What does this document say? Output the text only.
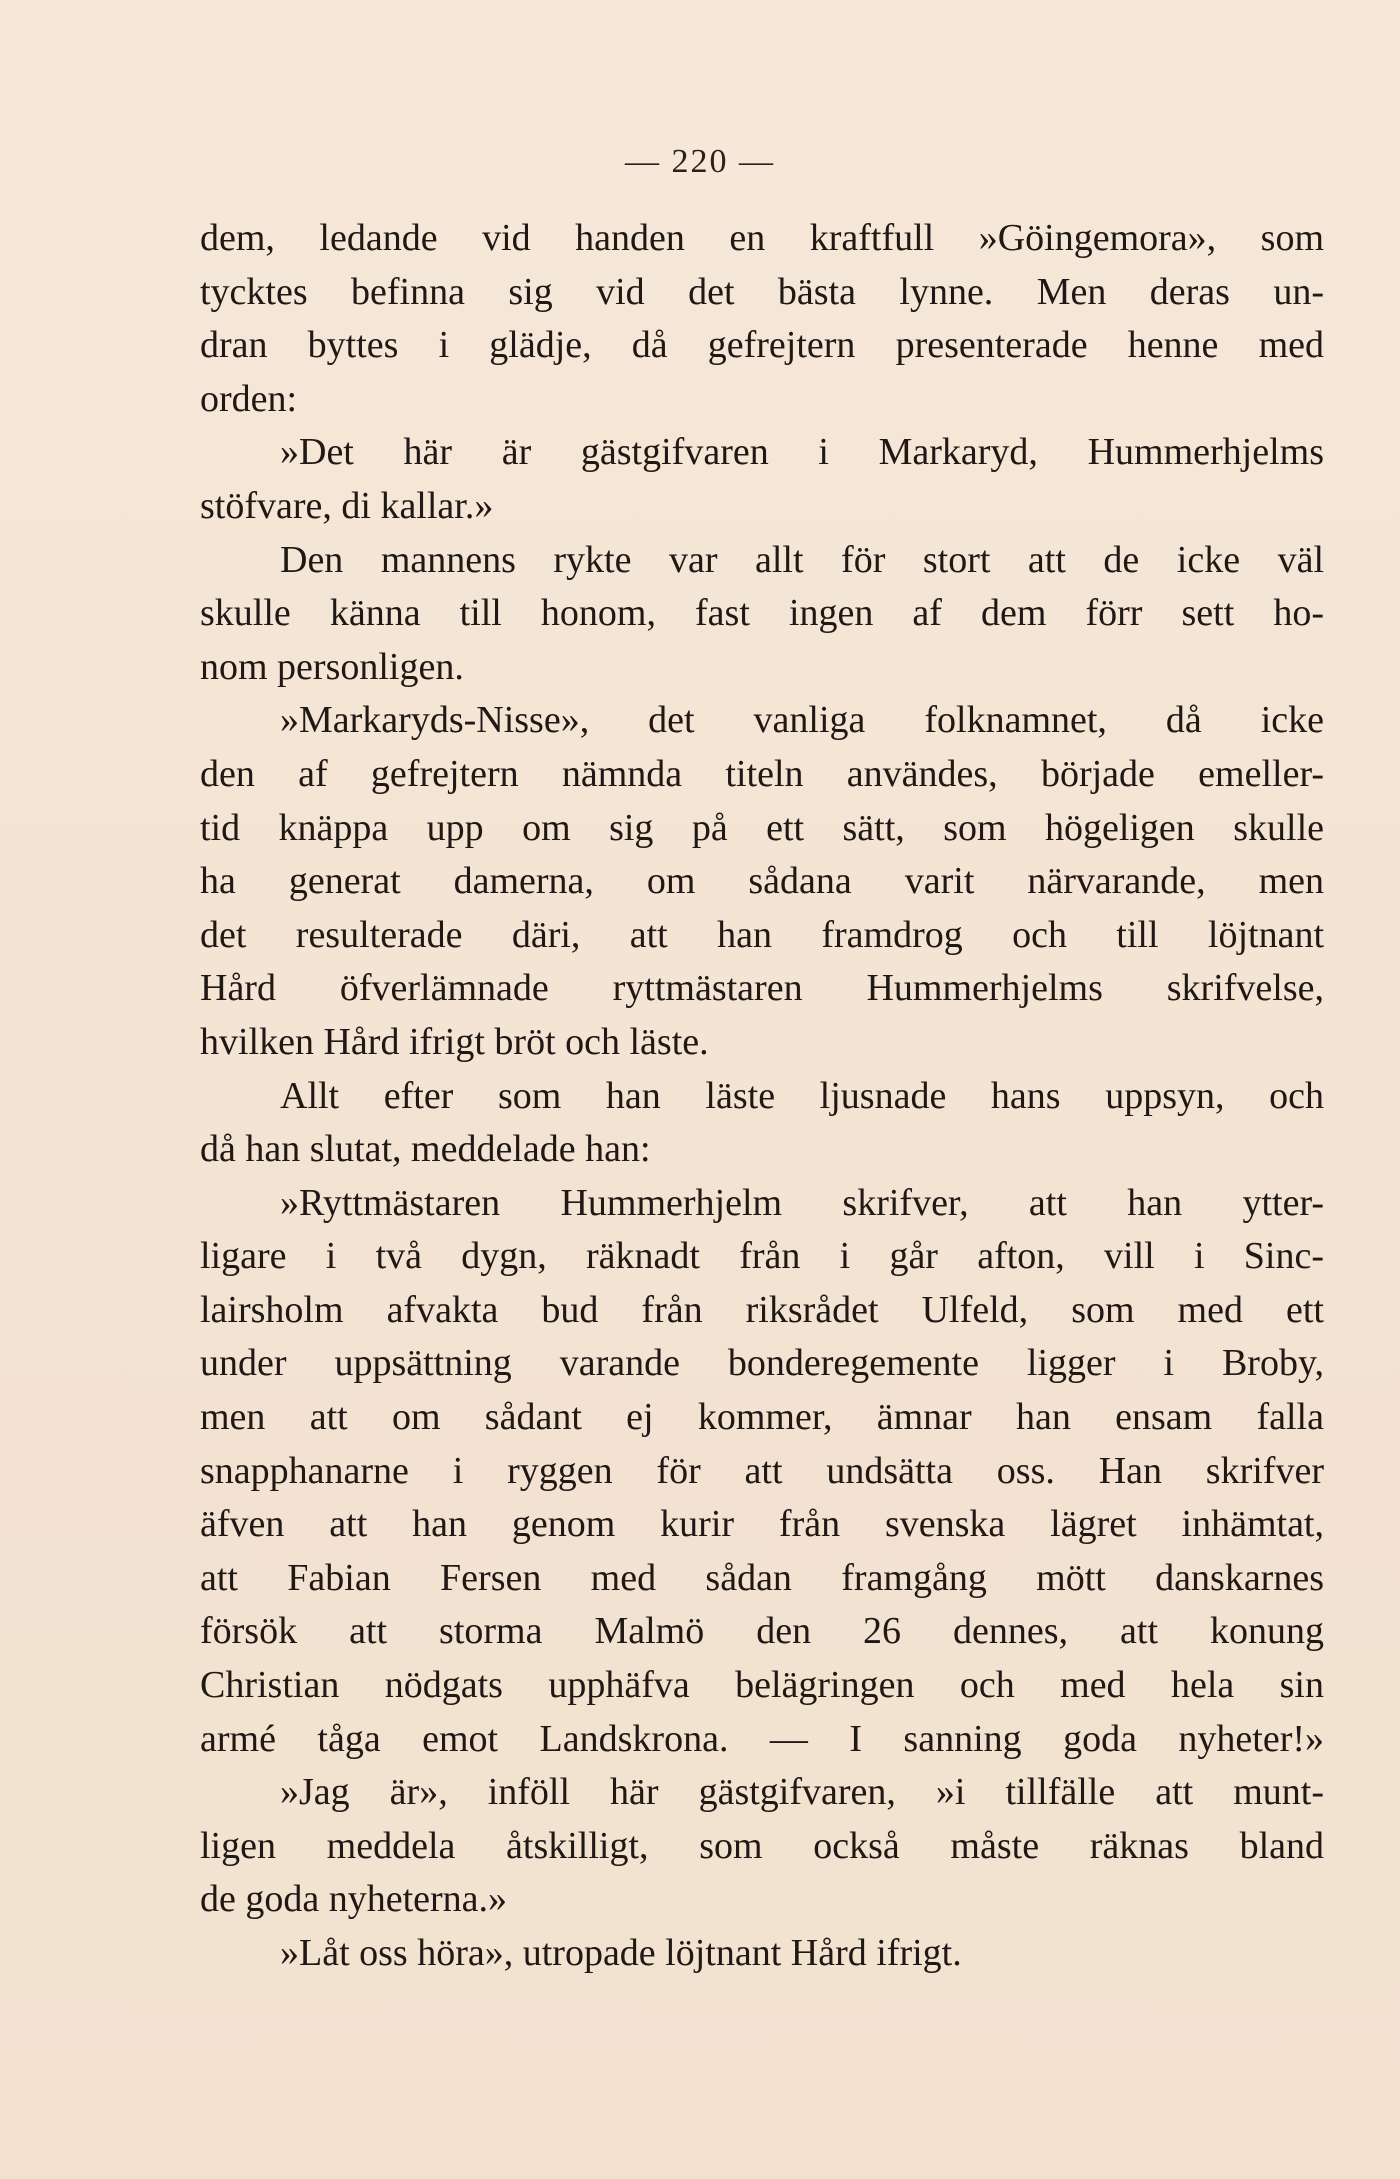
— 220 —
dem, ledande vid handen en kraftfull »Göingemora», som
tycktes befinna sig vid det bästa lynne. Men deras un-
dran byttes i glädje, då gefrejtern presenterade henne med
orden:
»Det här är gästgifvaren i Markaryd, Hummerhjelms
stöfvare, di kallar.»
Den mannens rykte var allt för stort att de icke väl
skulle känna till honom, fast ingen af dem förr sett ho-
nom personligen.
»Markaryds-Nisse», det vanliga folknamnet, då icke
den af gefrejtern nämnda titeln användes, började emeller-
tid knäppa upp om sig på ett sätt, som högeligen skulle
ha generat damerna, om sådana varit närvarande, men
det resulterade däri, att han framdrog och till löjtnant
Hård öfverlämnade ryttmästaren Hummerhjelms skrifvelse,
hvilken Hård ifrigt bröt och läste.
Allt efter som han läste ljusnade hans uppsyn, och
då han slutat, meddelade han:
»Ryttmästaren Hummerhjelm skrifver, att han ytter-
ligare i två dygn, räknadt från i går afton, vill i Sinc-
lairsholm afvakta bud från riksrådet Ulfeld, som med ett
under uppsättning varande bonderegemente ligger i Broby,
men att om sådant ej kommer, ämnar han ensam falla
snapphanarne i ryggen för att undsätta oss. Han skrifver
äfven att han genom kurir från svenska lägret inhämtat,
att Fabian Fersen med sådan framgång mött danskarnes
försök att storma Malmö den 26 dennes, att konung
Christian nödgats upphäfva belägringen och med hela sin
armé tåga emot Landskrona. — I sanning goda nyheter!»
»Jag är», inföll här gästgifvaren, »i tillfälle att munt-
ligen meddela åtskilligt, som också måste räknas bland
de goda nyheterna.»
»Låt oss höra», utropade löjtnant Hård ifrigt.
